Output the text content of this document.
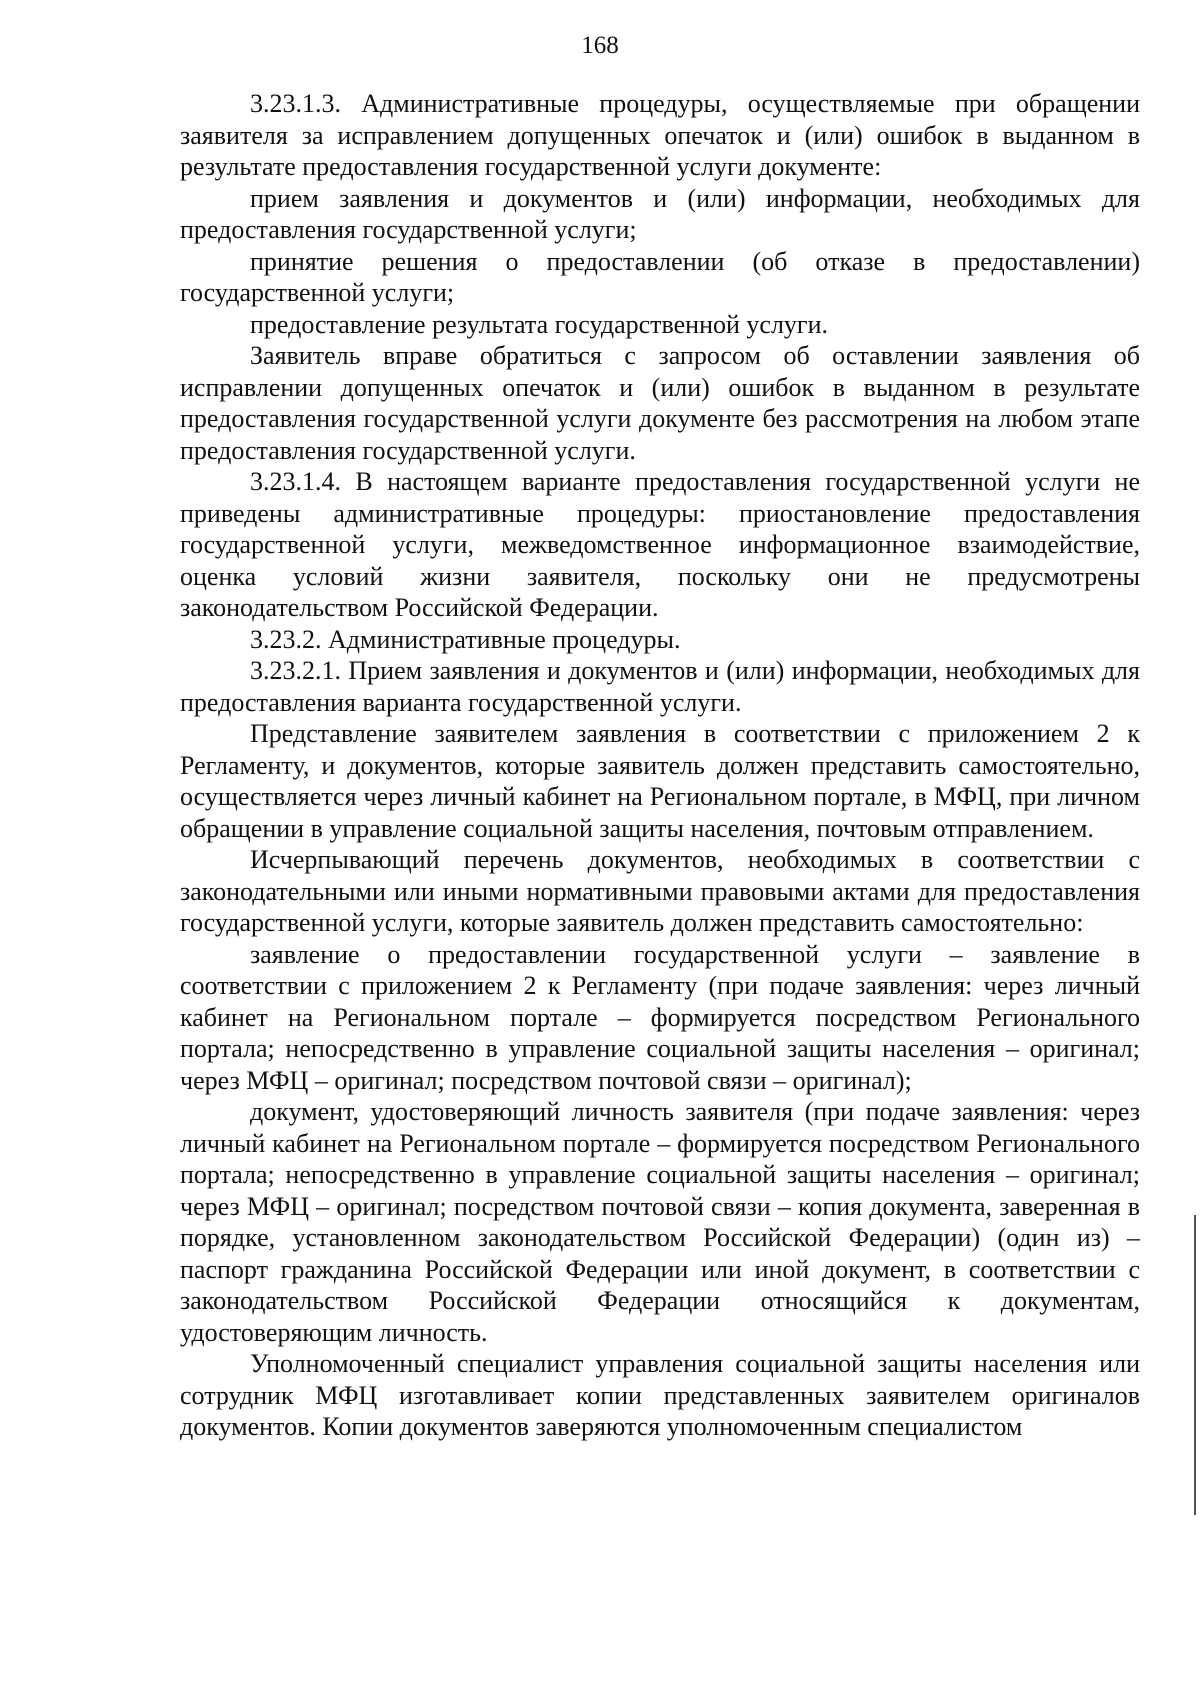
168

3.23.1.3. Административные процедуры, осуществляемые при обращении заявителя за исправлением допущенных опечаток и (или) ошибок в выданном в результате предоставления государственной услуги документе:

прием заявления и документов и (или) информации, необходимых для предоставления государственной услуги;

принятие решения о предоставлении (об отказе в предоставлении) государственной услуги;

предоставление результата государственной услуги.

Заявитель вправе обратиться с запросом об оставлении заявления об исправлении допущенных опечаток и (или) ошибок в выданном в результате предоставления государственной услуги документе без рассмотрения на любом этапе предоставления государственной услуги.

3.23.1.4. В настоящем варианте предоставления государственной услуги не приведены административные процедуры: приостановление предоставления государственной услуги, межведомственное информационное взаимодействие, оценка условий жизни заявителя, поскольку они не предусмотрены законодательством Российской Федерации.

3.23.2. Административные процедуры.

3.23.2.1. Прием заявления и документов и (или) информации, необходимых для предоставления варианта государственной услуги.

Представление заявителем заявления в соответствии с приложением 2 к Регламенту, и документов, которые заявитель должен представить самостоятельно, осуществляется через личный кабинет на Региональном портале, в МФЦ, при личном обращении в управление социальной защиты населения, почтовым отправлением.

Исчерпывающий перечень документов, необходимых в соответствии с законодательными или иными нормативными правовыми актами для предоставления государственной услуги, которые заявитель должен представить самостоятельно:

заявление о предоставлении государственной услуги – заявление в соответствии с приложением 2 к Регламенту (при подаче заявления: через личный кабинет на Региональном портале – формируется посредством Регионального портала; непосредственно в управление социальной защиты населения – оригинал; через МФЦ – оригинал; посредством почтовой связи – оригинал);

документ, удостоверяющий личность заявителя (при подаче заявления: через личный кабинет на Региональном портале – формируется посредством Регионального портала; непосредственно в управление социальной защиты населения – оригинал; через МФЦ – оригинал; посредством почтовой связи – копия документа, заверенная в порядке, установленном законодательством Российской Федерации) (один из) – паспорт гражданина Российской Федерации или иной документ, в соответствии с законодательством Российской Федерации относящийся к документам, удостоверяющим личность.

Уполномоченный специалист управления социальной защиты населения или сотрудник МФЦ изготавливает копии представленных заявителем оригиналов документов. Копии документов заверяются уполномоченным специалистом
